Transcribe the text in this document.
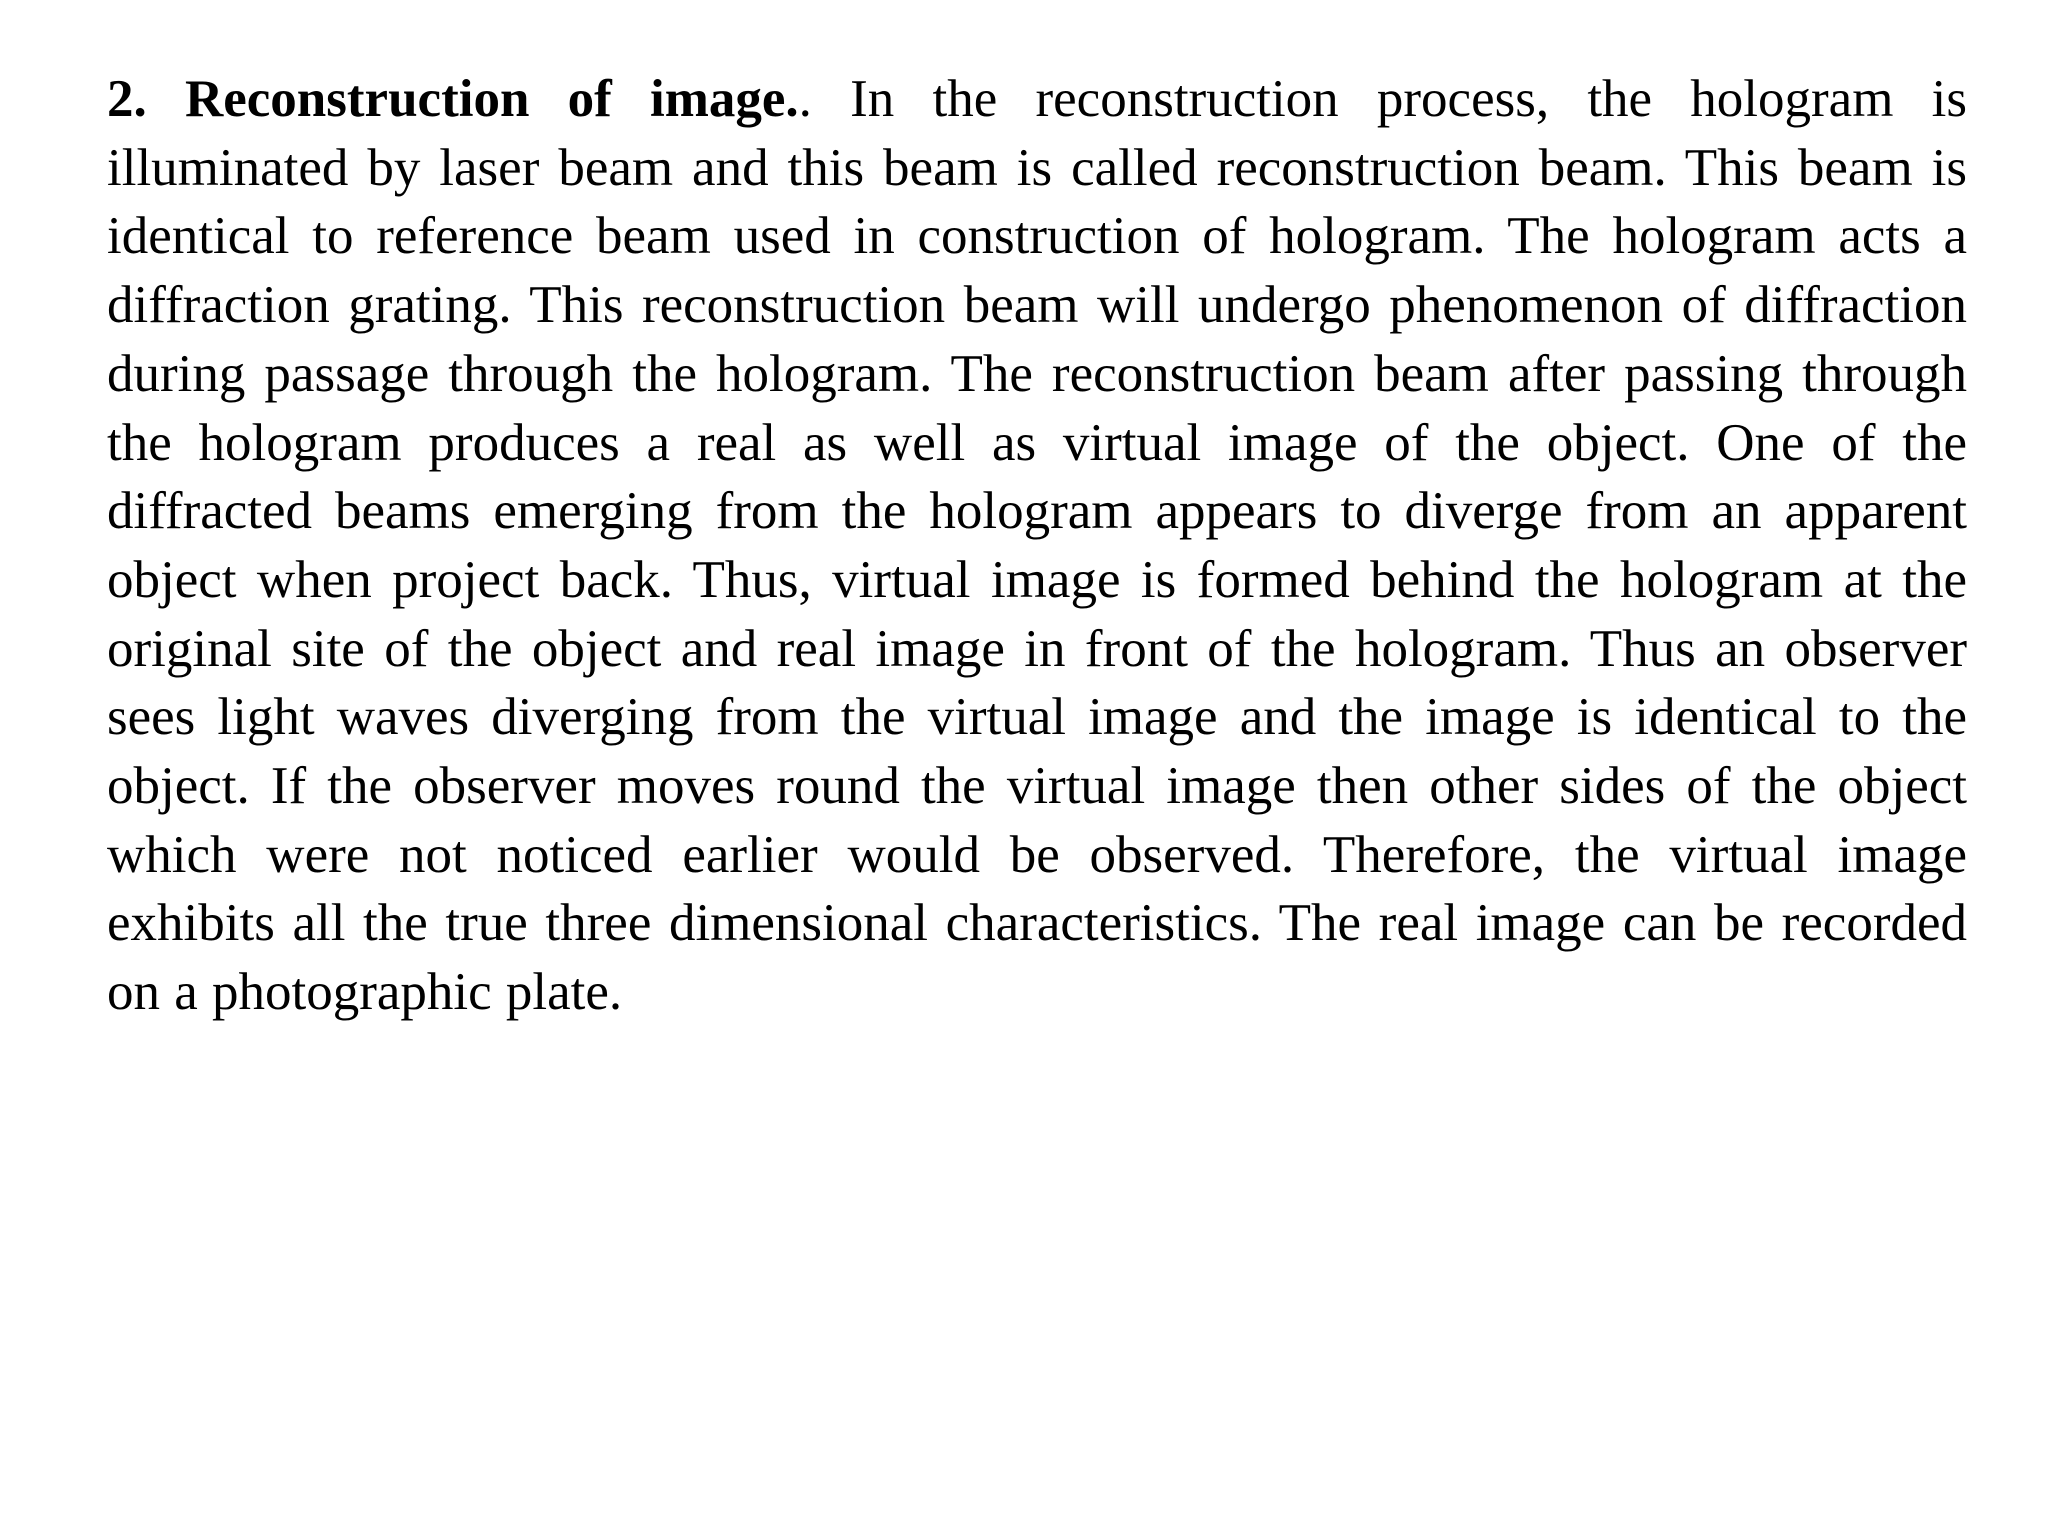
2. Reconstruction of image.. In the reconstruction process, the hologram is illuminated by laser beam and this beam is called reconstruction beam. This beam is identical to reference beam used in construction of hologram. The hologram acts a diffraction grating. This reconstruction beam will undergo phenomenon of diffraction during passage through the hologram. The reconstruction beam after passing through the hologram produces a real as well as virtual image of the object. One of the diffracted beams emerging from the hologram appears to diverge from an apparent object when project back. Thus, virtual image is formed behind the hologram at the original site of the object and real image in front of the hologram. Thus an observer sees light waves diverging from the virtual image and the image is identical to the object. If the observer moves round the virtual image then other sides of the object which were not noticed earlier would be observed. Therefore, the virtual image exhibits all the true three dimensional characteristics. The real image can be recorded on a photographic plate.
